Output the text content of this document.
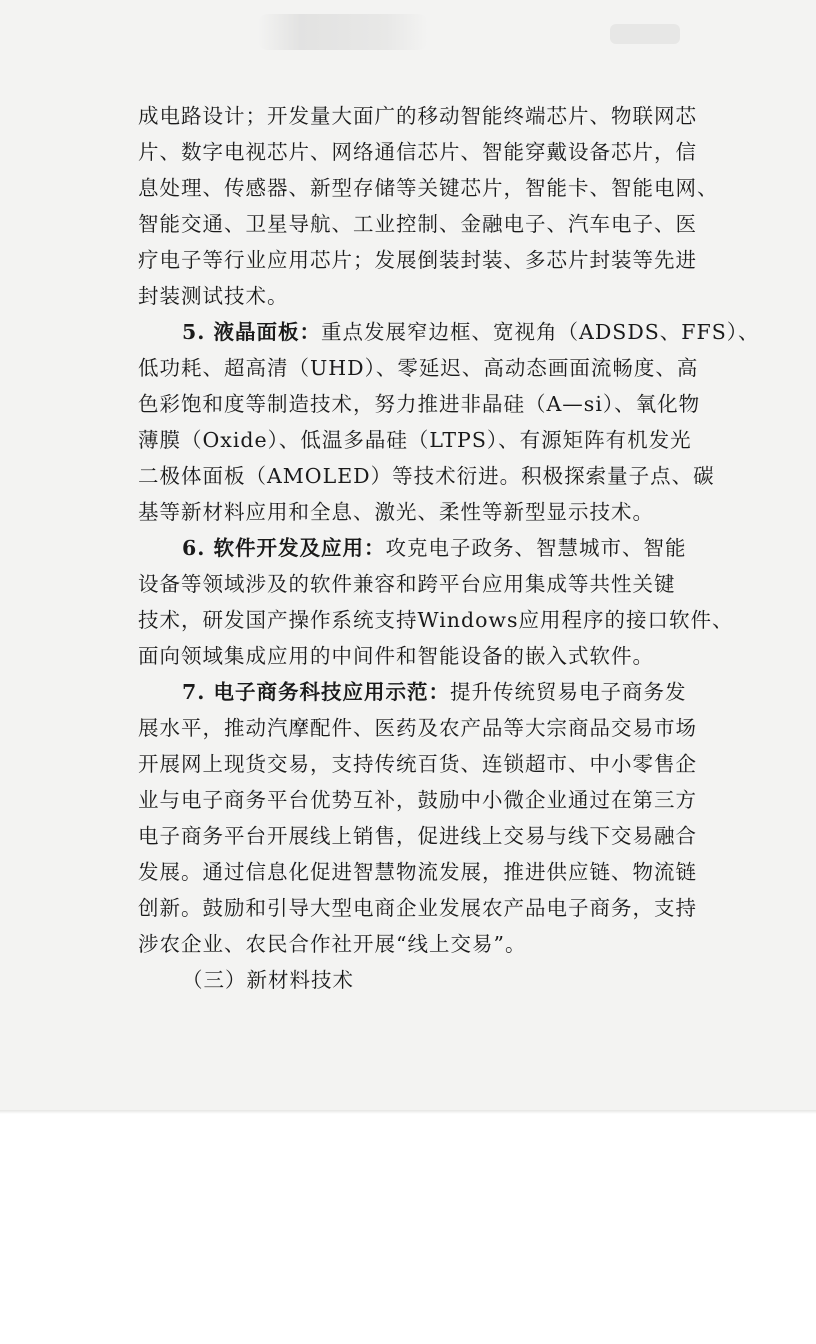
成电路设计；开发量大面广的移动智能终端芯片、物联网芯
片、数字电视芯片、网络通信芯片、智能穿戴设备芯片，信
息处理、传感器、新型存储等关键芯片，智能卡、智能电网、
智能交通、卫星导航、工业控制、金融电子、汽车电子、医
疗电子等行业应用芯片；发展倒装封装、多芯片封装等先进
封装测试技术。
5. 液晶面板：重点发展窄边框、宽视角（ADSDS、FFS）、
低功耗、超高清（UHD）、零延迟、高动态画面流畅度、高
色彩饱和度等制造技术，努力推进非晶硅（A—si）、氧化物
薄膜（Oxide）、低温多晶硅（LTPS）、有源矩阵有机发光
二极体面板（AMOLED）等技术衍进。积极探索量子点、碳
基等新材料应用和全息、激光、柔性等新型显示技术。
6. 软件开发及应用：攻克电子政务、智慧城市、智能
设备等领域涉及的软件兼容和跨平台应用集成等共性关键
技术，研发国产操作系统支持Windows应用程序的接口软件、
面向领域集成应用的中间件和智能设备的嵌入式软件。
7. 电子商务科技应用示范：提升传统贸易电子商务发
展水平，推动汽摩配件、医药及农产品等大宗商品交易市场
开展网上现货交易，支持传统百货、连锁超市、中小零售企
业与电子商务平台优势互补，鼓励中小微企业通过在第三方
电子商务平台开展线上销售，促进线上交易与线下交易融合
发展。通过信息化促进智慧物流发展，推进供应链、物流链
创新。鼓励和引导大型电商企业发展农产品电子商务，支持
涉农企业、农民合作社开展“线上交易”。
（三）新材料技术
